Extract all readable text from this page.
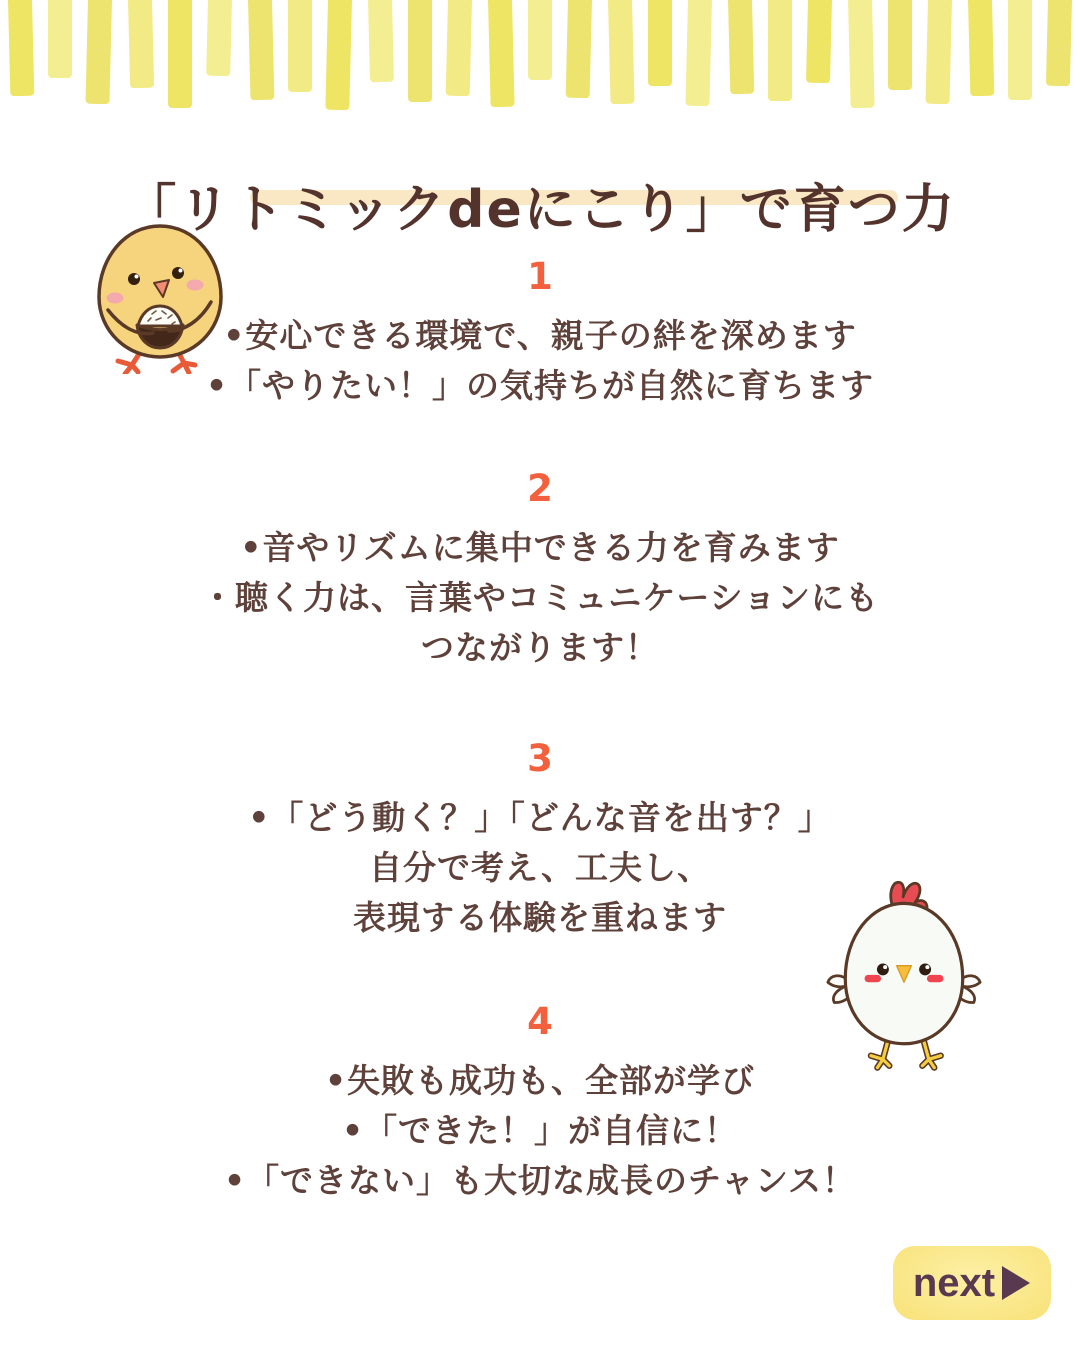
「リトミックdeにこり」で育つ力
1
•安心できる環境で、親子の絆を深めます
•「やりたい！」の気持ちが自然に育ちます
2
•音やリズムに集中できる力を育みます
・聴く力は、言葉やコミュニケーションにも
つながります！
3
•「どう動く？」「どんな音を出す？」
自分で考え、工夫し、
表現する体験を重ねます
4
•失敗も成功も、全部が学び
•「できた！」が自信に！
•「できない」も大切な成長のチャンス！
next
